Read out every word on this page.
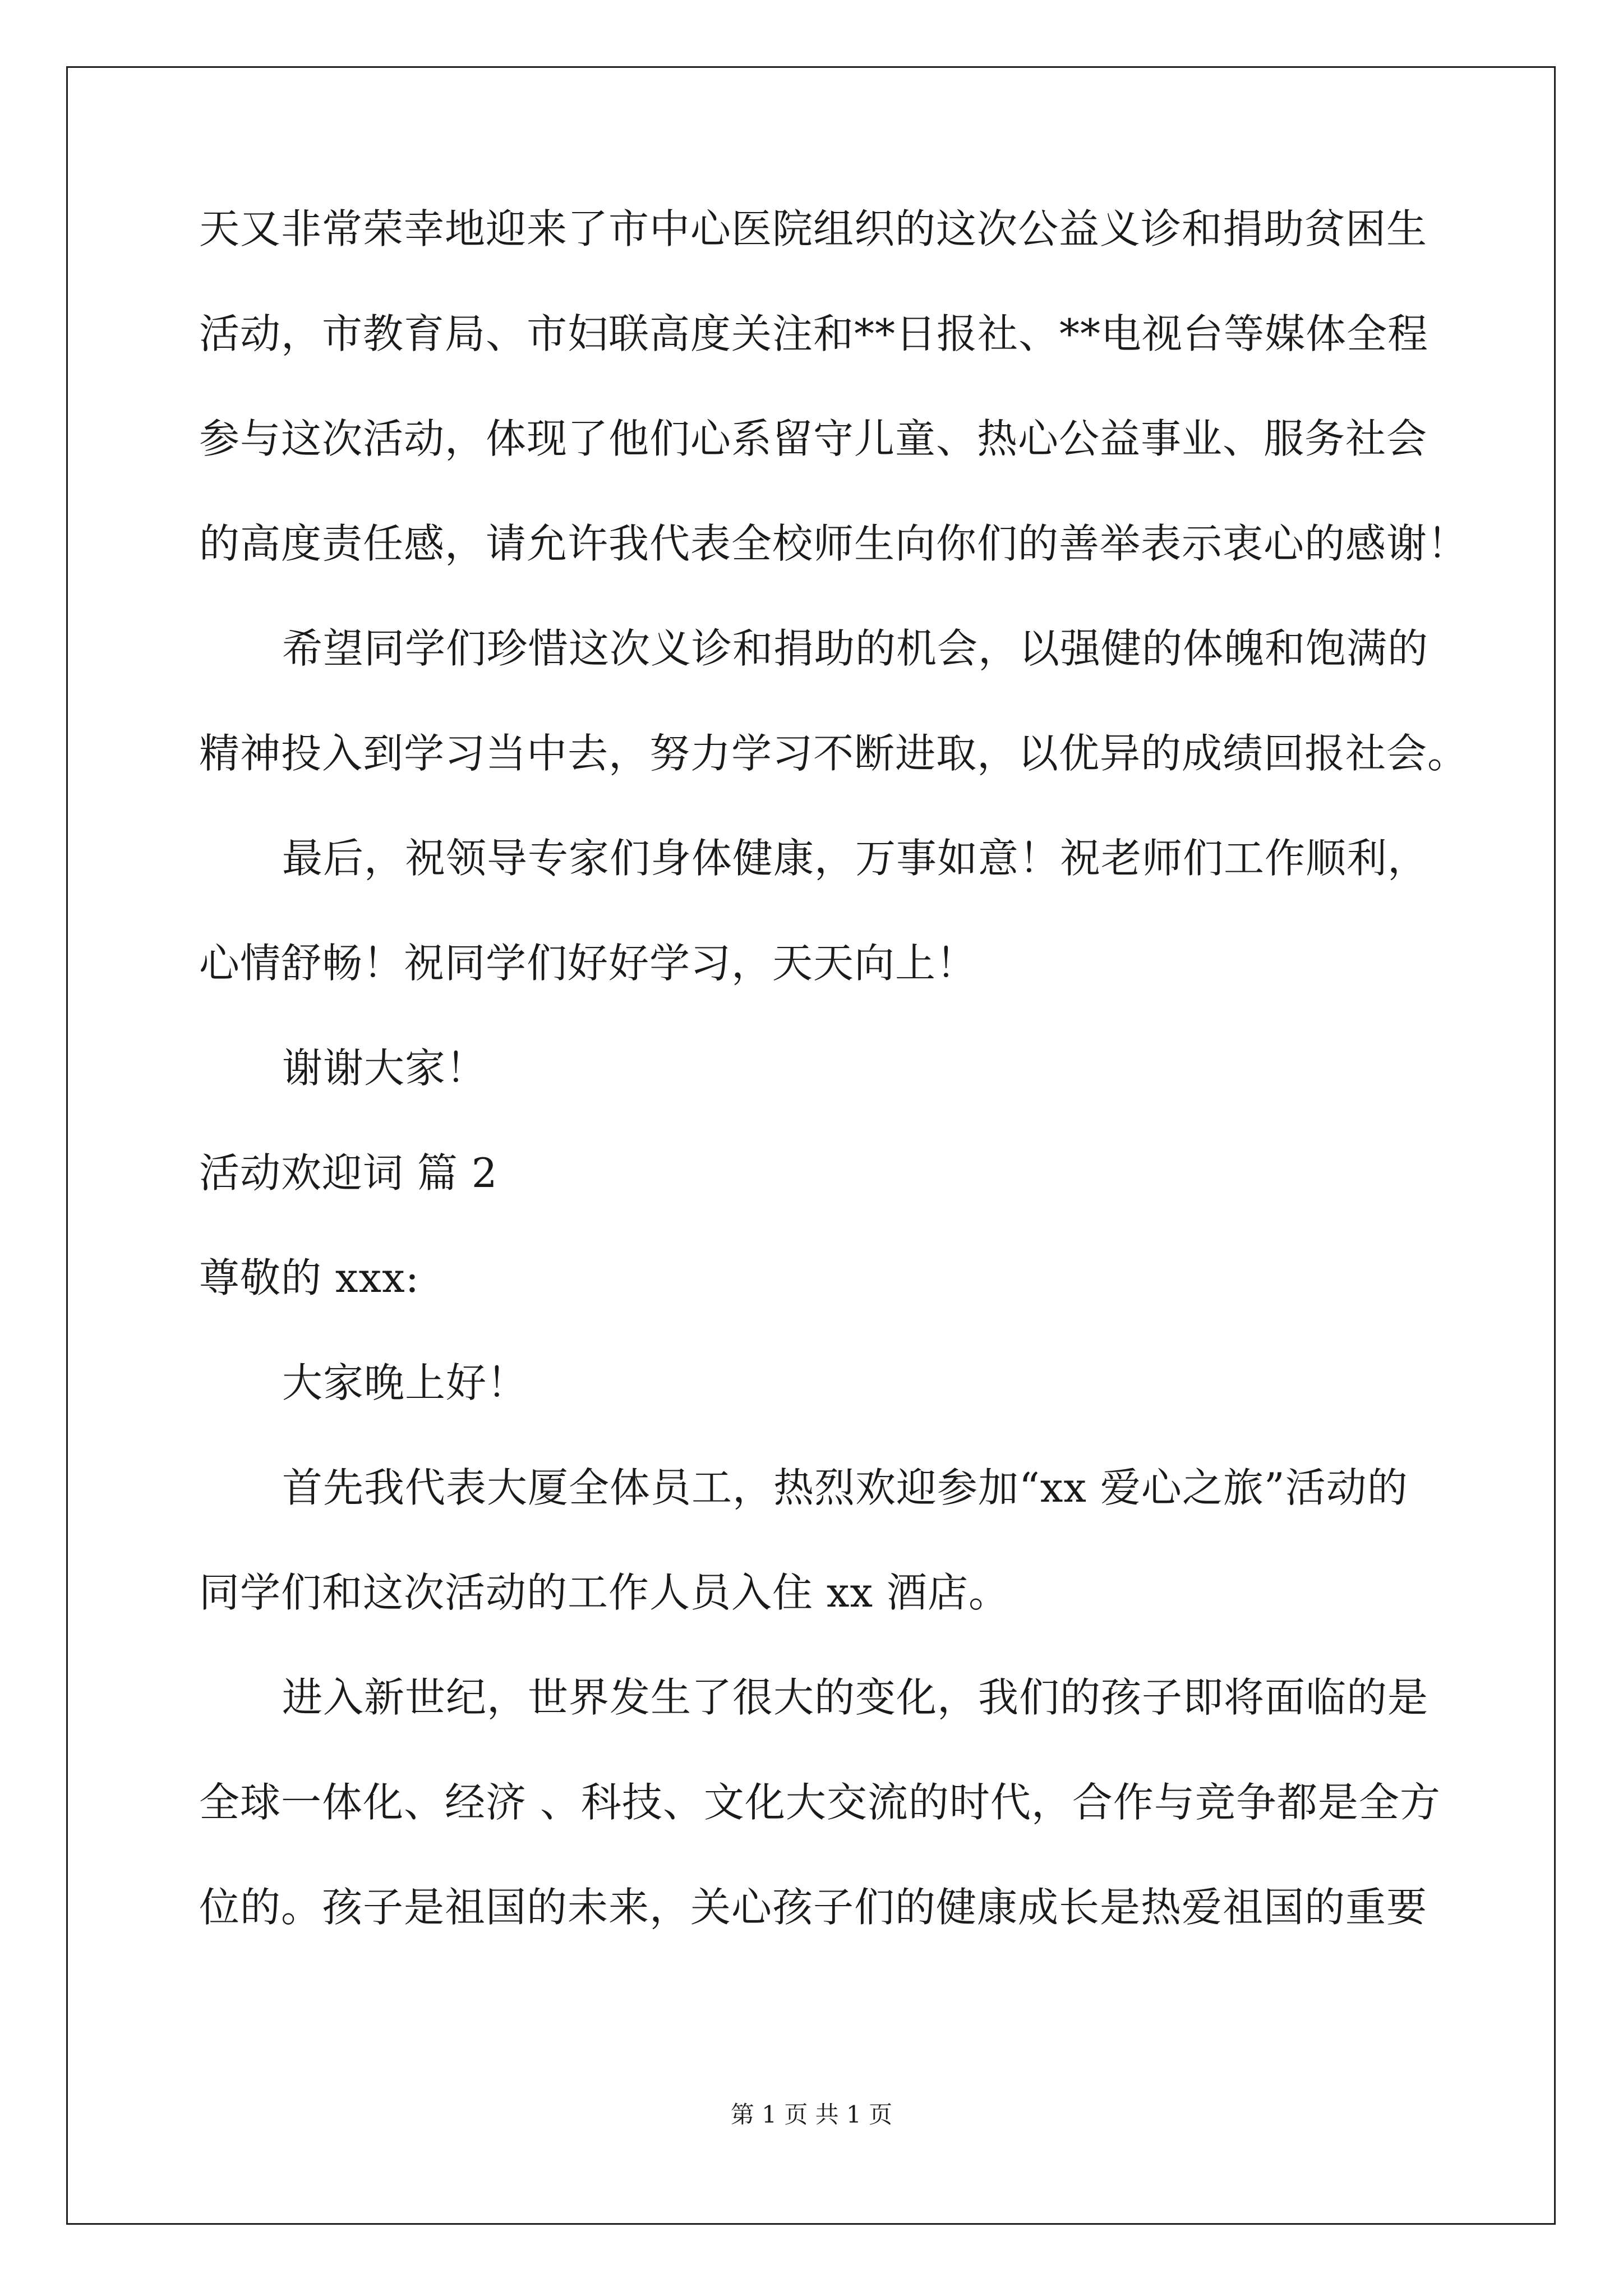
天又非常荣幸地迎来了市中心医院组织的这次公益义诊和捐助贫困生

活动，市教育局、市妇联高度关注和**日报社、**电视台等媒体全程

参与这次活动，体现了他们心系留守儿童、热心公益事业、服务社会

的高度责任感，请允许我代表全校师生向你们的善举表示衷心的感谢！

希望同学们珍惜这次义诊和捐助的机会，以强健的体魄和饱满的

精神投入到学习当中去，努力学习不断进取，以优异的成绩回报社会。

最后，祝领导专家们身体健康，万事如意！祝老师们工作顺利，

心情舒畅！祝同学们好好学习，天天向上！

谢谢大家！

活动欢迎词 篇 2

尊敬的 xxx:

大家晚上好！

首先我代表大厦全体员工，热烈欢迎参加“xx 爱心之旅”活动的

同学们和这次活动的工作人员入住 xx 酒店。

进入新世纪，世界发生了很大的变化，我们的孩子即将面临的是

全球一体化、经济 、科技、文化大交流的时代，合作与竞争都是全方

位的。孩子是祖国的未来，关心孩子们的健康成长是热爱祖国的重要

第 1 页 共 1 页
